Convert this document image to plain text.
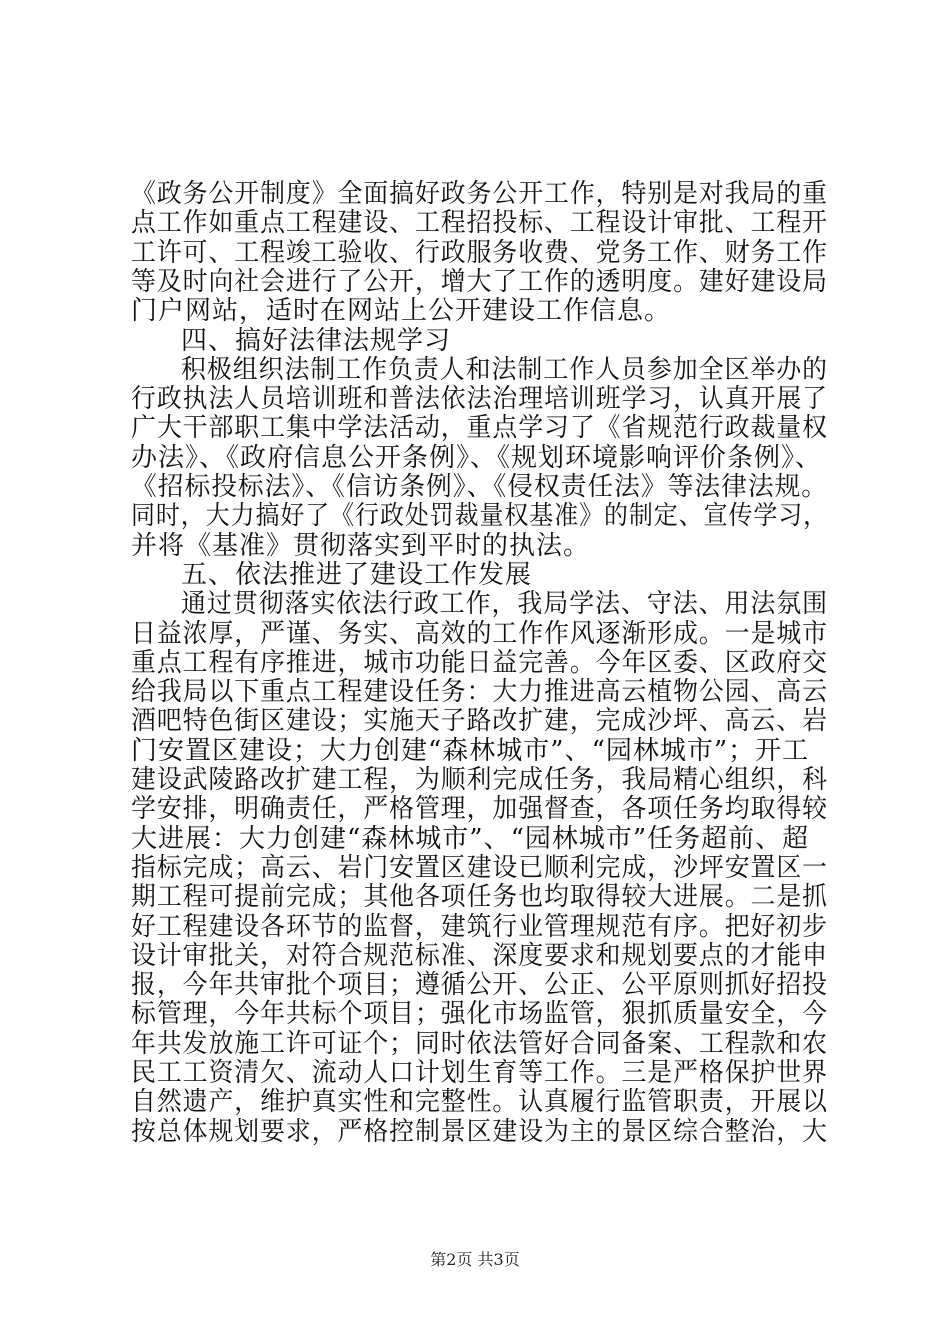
《政务公开制度》全面搞好政务公开工作，特别是对我局的重
点工作如重点工程建设、工程招投标、工程设计审批、工程开
工许可、工程竣工验收、行政服务收费、党务工作、财务工作
等及时向社会进行了公开，增大了工作的透明度。建好建设局
门户网站，适时在网站上公开建设工作信息。
四、搞好法律法规学习
积极组织法制工作负责人和法制工作人员参加全区举办的
行政执法人员培训班和普法依法治理培训班学习，认真开展了
广大干部职工集中学法活动，重点学习了《省规范行政裁量权
办法》、《政府信息公开条例》、《规划环境影响评价条例》、
《招标投标法》、《信访条例》、《侵权责任法》等法律法规。
同时，大力搞好了《行政处罚裁量权基准》的制定、宣传学习，
并将《基准》贯彻落实到平时的执法。
五、依法推进了建设工作发展
通过贯彻落实依法行政工作，我局学法、守法、用法氛围
日益浓厚，严谨、务实、高效的工作作风逐渐形成。一是城市
重点工程有序推进，城市功能日益完善。今年区委、区政府交
给我局以下重点工程建设任务：大力推进高云植物公园、高云
酒吧特色街区建设；实施天子路改扩建，完成沙坪、高云、岩
门安置区建设；大力创建“森林城市”、“园林城市”；开工
建设武陵路改扩建工程，为顺利完成任务，我局精心组织，科
学安排，明确责任，严格管理，加强督查，各项任务均取得较
大进展：大力创建“森林城市”、“园林城市”任务超前、超
指标完成；高云、岩门安置区建设已顺利完成，沙坪安置区一
期工程可提前完成；其他各项任务也均取得较大进展。二是抓
好工程建设各环节的监督，建筑行业管理规范有序。把好初步
设计审批关，对符合规范标准、深度要求和规划要点的才能申
报，今年共审批个项目；遵循公开、公正、公平原则抓好招投
标管理，今年共标个项目；强化市场监管，狠抓质量安全，今
年共发放施工许可证个；同时依法管好合同备案、工程款和农
民工工资清欠、流动人口计划生育等工作。三是严格保护世界
自然遗产，维护真实性和完整性。认真履行监管职责，开展以
按总体规划要求，严格控制景区建设为主的景区综合整治，大
第2页 共3页
